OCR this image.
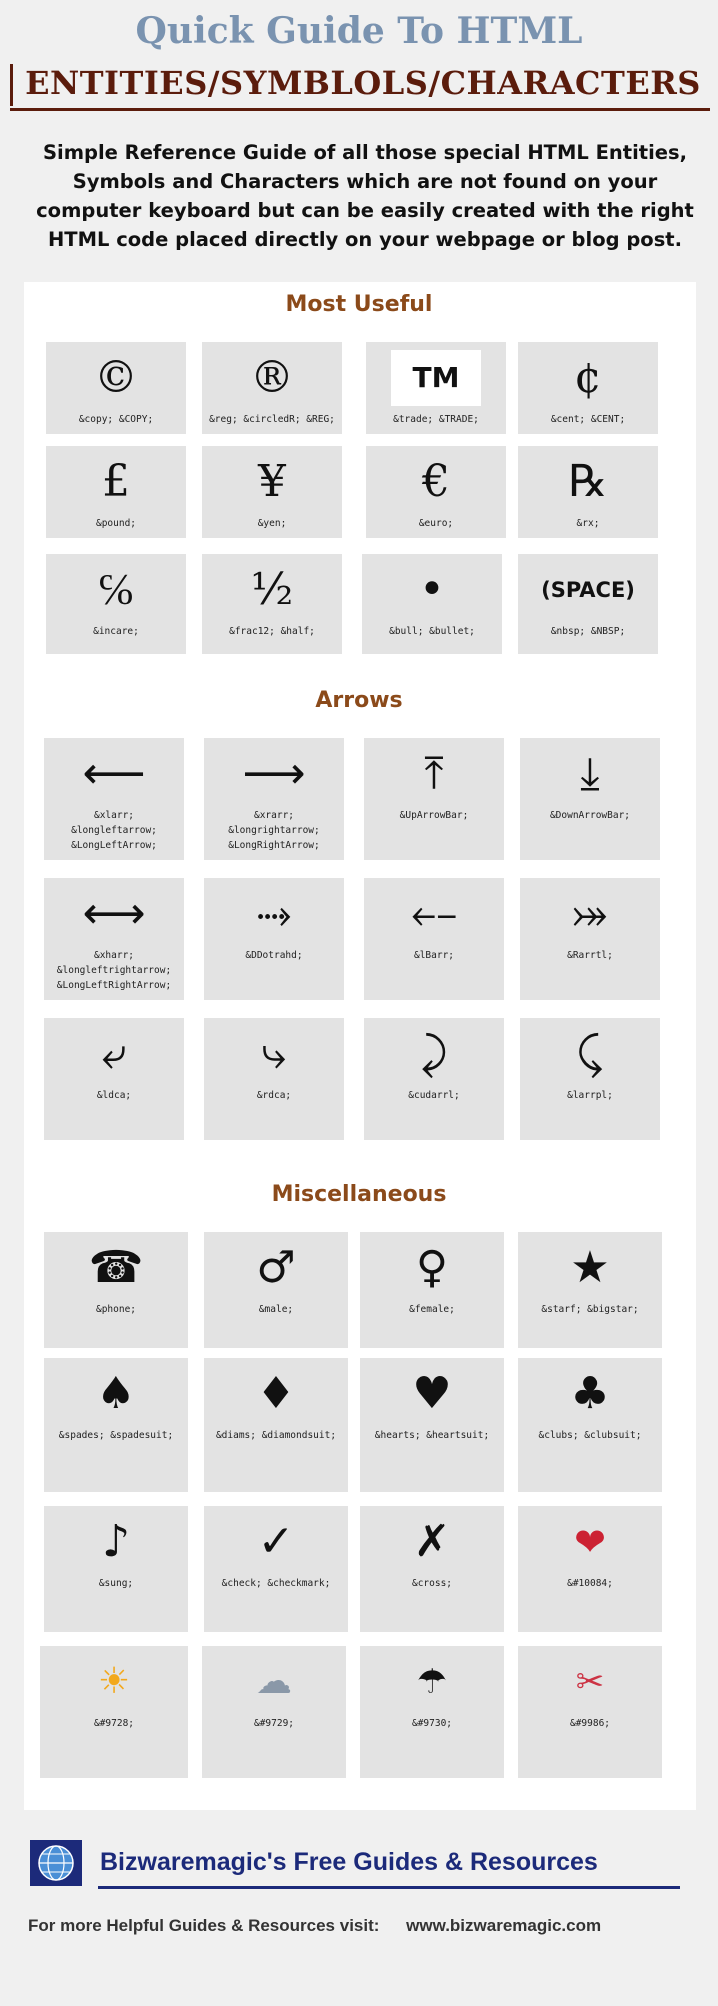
Quick Guide To HTML
ENTITIES/SYMBLOLS/CHARACTERS
Simple Reference Guide of all those special HTML Entities, Symbols and Characters which are not found on your computer keyboard but can be easily created with the right HTML code placed directly on your webpage or blog post.
Most Useful
©
&copy; &COPY;
®
&reg; &circledR; &REG;
TM
&trade; &TRADE;
¢
&cent; &CENT;
£
&pound;
¥
&yen;
€
&euro;
℞
&rx;
℅
&incare;
½
&frac12; &half;
•
&bull; &bullet;
(SPACE)
&nbsp; &NBSP;
Arrows
⟵
&xlarr;
&longleftarrow;
&LongLeftArrow;
⟶
&xrarr;
&longrightarrow;
&LongRightArrow;
⤒
&UpArrowBar;
⤓
&DownArrowBar;
⟷
&xharr;
&longleftrightarrow;
&LongLeftRightArrow;
⤑
&DDotrahd;
⤌
&lBarr;
⤖
&Rarrtl;
⤶
&ldca;
⤷
&rdca;
⤸
&cudarrl;
⤹
&larrpl;
Miscellaneous
☎
&phone;
♂
&male;
♀
&female;
★
&starf; &bigstar;
♠
&spades; &spadesuit;
♦
&diams; &diamondsuit;
♥
&hearts; &heartsuit;
♣
&clubs; &clubsuit;
♪
&sung;
✓
&check; &checkmark;
✗
&cross;
❤
&#10084;
☀
&#9728;
☁
&#9729;
☂
&#9730;
✂
&#9986;
Bizwaremagic's Free Guides & Resources
For more Helpful Guides & Resources visit: www.bizwaremagic.com
